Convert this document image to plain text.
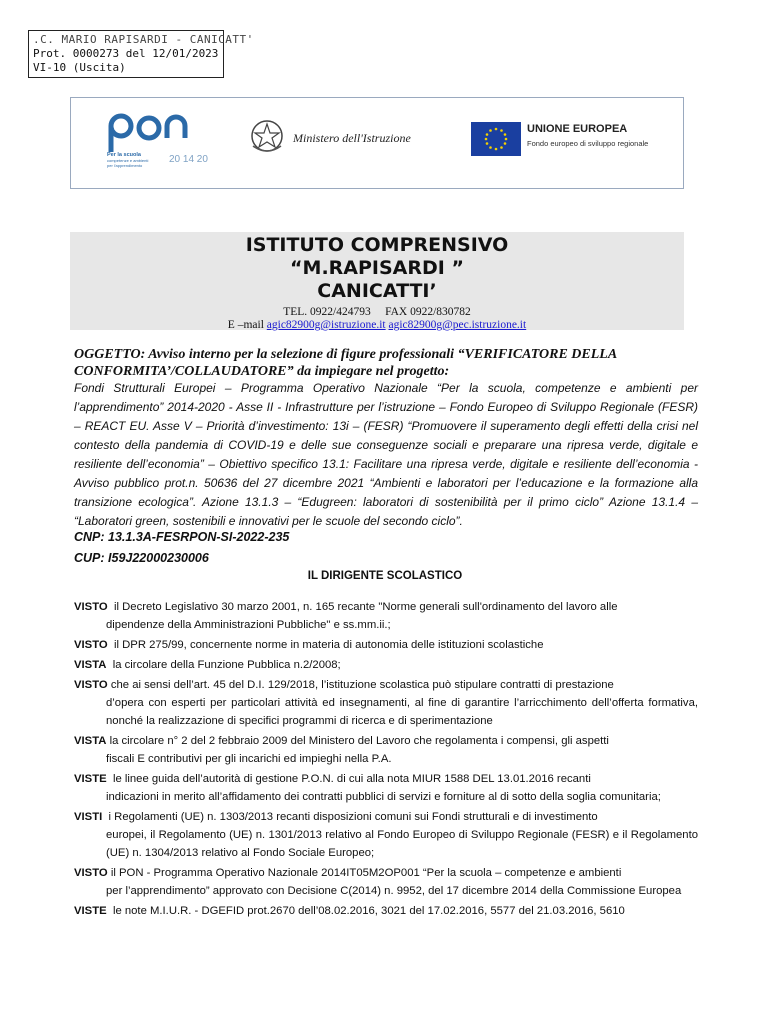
.C. MARIO RAPISARDI - CANICATT'
Prot. 0000273 del 12/01/2023
VI-10 (Uscita)
Per la scuola
competenze e ambienti
per l'apprendimento
20 14 20
Ministero dell'Istruzione
UNIONE EUROPEA
Fondo europeo di sviluppo regionale
ISTITUTO COMPRENSIVO
“M.RAPISARDI ”
CANICATTI’
TEL. 0922/424793     FAX 0922/830782
E –mail agic82900g@istruzione.it agic82900g@pec.istruzione.it
OGGETTO: Avviso interno per la selezione di figure professionali “VERIFICATORE DELLA CONFORMITA’/COLLAUDATORE” da impiegare nel progetto:
Fondi Strutturali Europei – Programma Operativo Nazionale “Per la scuola, competenze e ambienti per l’apprendimento” 2014-2020 - Asse II - Infrastrutture per l’istruzione – Fondo Europeo di Sviluppo Regionale (FESR) – REACT EU. Asse V – Priorità d’investimento: 13i – (FESR) “Promuovere il superamento degli effetti della crisi nel contesto della pandemia di COVID-19 e delle sue conseguenze sociali e preparare una ripresa verde, digitale e resiliente dell’economia” – Obiettivo specifico 13.1: Facilitare una ripresa verde, digitale e resiliente dell’economia - Avviso pubblico prot.n. 50636 del 27 dicembre 2021 “Ambienti e laboratori per l’educazione e la formazione alla transizione ecologica”. Azione 13.1.3 – “Edugreen: laboratori di sostenibilità per il primo ciclo” Azione 13.1.4 – “Laboratori green, sostenibili e innovativi per le scuole del secondo ciclo”.
CNP: 13.1.3A-FESRPON-SI-2022-235
CUP: I59J22000230006
IL DIRIGENTE SCOLASTICO
VISTO il Decreto Legislativo 30 marzo 2001, n. 165 recante "Norme generali sull'ordinamento del lavoro alle
dipendenze della Amministrazioni Pubbliche" e ss.mm.ii.;
VISTO il DPR 275/99, concernente norme in materia di autonomia delle istituzioni scolastiche
VISTA la circolare della Funzione Pubblica n.2/2008;
VISTO che ai sensi dell’art. 45 del D.I. 129/2018, l’istituzione scolastica può stipulare contratti di prestazione
d’opera con esperti per particolari attività ed insegnamenti, al fine di garantire l’arricchimento dell’offerta formativa, nonché la realizzazione di specifici programmi di ricerca e di sperimentazione
VISTA la circolare n° 2 del 2 febbraio 2009 del Ministero del Lavoro che regolamenta i compensi, gli aspetti
fiscali E contributivi per gli incarichi ed impieghi nella P.A.
VISTE le linee guida dell’autorità di gestione P.O.N. di cui alla nota MIUR 1588 DEL 13.01.2016 recanti
indicazioni in merito all’affidamento dei contratti pubblici di servizi e forniture al di sotto della soglia comunitaria;
VISTI i Regolamenti (UE) n. 1303/2013 recanti disposizioni comuni sui Fondi strutturali e di investimento
europei, il Regolamento (UE) n. 1301/2013 relativo al Fondo Europeo di Sviluppo Regionale (FESR) e il Regolamento (UE) n. 1304/2013 relativo al Fondo Sociale Europeo;
VISTO il PON - Programma Operativo Nazionale 2014IT05M2OP001 “Per la scuola – competenze e ambienti
per l’apprendimento” approvato con Decisione C(2014) n. 9952, del 17 dicembre 2014 della Commissione Europea
VISTE le note M.I.U.R. - DGEFID prot.2670 dell’08.02.2016, 3021 del 17.02.2016, 5577 del 21.03.2016, 5610
